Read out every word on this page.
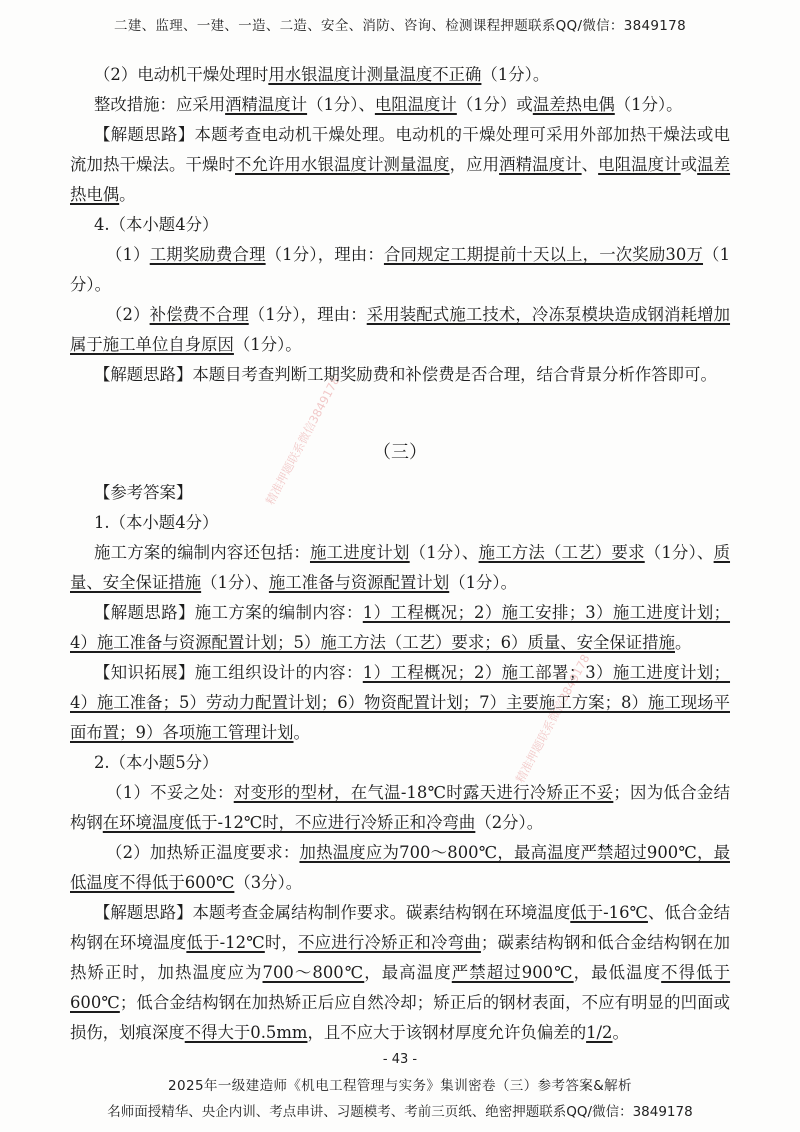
二建、监理、一建、一造、二造、安全、消防、咨询、检测课程押题联系QQ/微信：3849178
精准押题联系微信3849178
精准押题联系微信3849178

（2）电动机干燥处理时用水银温度计测量温度不正确（1分）。

整改措施：应采用酒精温度计（1分）、电阻温度计（1分）或温差热电偶（1分）。

【解题思路】本题考查电动机干燥处理。电动机的干燥处理可采用外部加热干燥法或电流加热干燥法。干燥时不允许用水银温度计测量温度，应用酒精温度计、电阻温度计或温差热电偶。

4.（本小题4分）

（1）工期奖励费合理（1分），理由：合同规定工期提前十天以上，一次奖励30万（1分）。

（2）补偿费不合理（1分），理由：采用装配式施工技术，冷冻泵模块造成钢消耗增加属于施工单位自身原因（1分）。

【解题思路】本题目考查判断工期奖励费和补偿费是否合理，结合背景分析作答即可。

（三）

【参考答案】

1.（本小题4分）

施工方案的编制内容还包括：施工进度计划（1分）、施工方法（工艺）要求（1分）、质量、安全保证措施（1分）、施工准备与资源配置计划（1分）。

【解题思路】施工方案的编制内容：1）工程概况；2）施工安排；3）施工进度计划；4）施工准备与资源配置计划；5）施工方法（工艺）要求；6）质量、安全保证措施。

【知识拓展】施工组织设计的内容：1）工程概况；2）施工部署；3）施工进度计划；4）施工准备；5）劳动力配置计划；6）物资配置计划；7）主要施工方案；8）施工现场平面布置；9）各项施工管理计划。

2.（本小题5分）

（1）不妥之处：对变形的型材，在气温-18℃时露天进行冷矫正不妥；因为低合金结构钢在环境温度低于-12℃时，不应进行冷矫正和冷弯曲（2分）。

（2）加热矫正温度要求：加热温度应为700～800℃，最高温度严禁超过900℃，最低温度不得低于600℃（3分）。

【解题思路】本题考查金属结构制作要求。碳素结构钢在环境温度低于-16℃、低合金结构钢在环境温度低于-12℃时，不应进行冷矫正和冷弯曲；碳素结构钢和低合金结构钢在加热矫正时，加热温度应为700～800℃，最高温度严禁超过900℃，最低温度不得低于600℃；低合金结构钢在加热矫正后应自然冷却；矫正后的钢材表面，不应有明显的凹面或损伤，划痕深度不得大于0.5mm，且不应大于该钢材厚度允许负偏差的1/2。

- 43 -
2025年一级建造师《机电工程管理与实务》集训密卷（三）参考答案&解析
名师面授精华、央企内训、考点串讲、习题模考、考前三页纸、绝密押题联系QQ/微信：3849178
